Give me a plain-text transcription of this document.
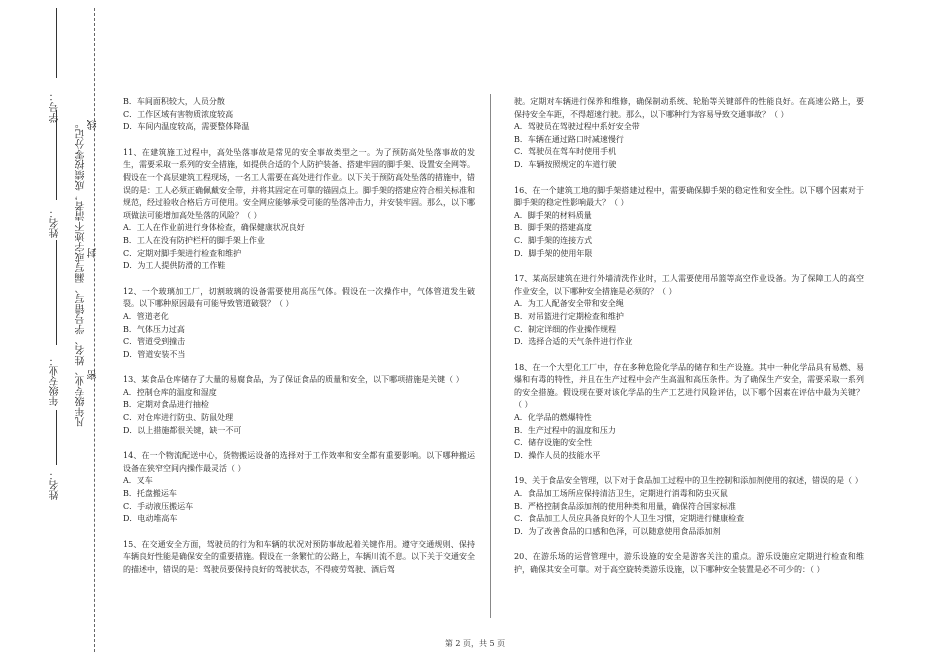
学号：
姓名：
年级专业：
姓名：
凡年级专业、姓名、学号错写、漏写或字迹不清者，成绩按零分记。 线
封
密
B．车间面积较大，人员分散
C．工作区域有害物质浓度较高
D．车间内温度较高，需要整体降温

11、在建筑施工过程中，高处坠落事故是常见的安全事故类型之一。为了预防高处坠落事故的发生，需要采取一系列的安全措施，如提供合适的个人防护装备、搭建牢固的脚手架、设置安全网等。假设在一个高层建筑工程现场，一名工人需要在高处进行作业。以下关于预防高处坠落的措施中，错误的是：工人必须正确佩戴安全带，并将其固定在可靠的锚固点上。脚手架的搭建应符合相关标准和规范，经过验收合格后方可使用。安全网应能够承受可能的坠落冲击力，并安装牢固。那么，以下哪项做法可能增加高处坠落的风险？（ ）

A．工人在作业前进行身体检查，确保健康状况良好
B．工人在没有防护栏杆的脚手架上作业
C．定期对脚手架进行检查和维护
D．为工人提供防滑的工作鞋

12、一个玻璃加工厂，切割玻璃的设备需要使用高压气体。假设在一次操作中，气体管道发生破裂。以下哪种原因最有可能导致管道破裂？（ ）

A．管道老化
B．气体压力过高
C．管道受到撞击
D．管道安装不当

13、某食品仓库储存了大量的易腐食品，为了保证食品的质量和安全，以下哪项措施是关键（ ）

A．控制仓库的温度和湿度
B．定期对食品进行抽检
C．对仓库进行防虫、防鼠处理
D．以上措施都很关键，缺一不可

14、在一个物流配送中心，货物搬运设备的选择对于工作效率和安全都有重要影响。以下哪种搬运设备在狭窄空间内操作最灵活（ ）

A．叉车
B．托盘搬运车
C．手动液压搬运车
D．电动堆高车

15、在交通安全方面，驾驶员的行为和车辆的状况对预防事故起着关键作用。遵守交通规则、保持车辆良好性能是确保安全的重要措施。假设在一条繁忙的公路上，车辆川流不息。以下关于交通安全的描述中，错误的是：驾驶员要保持良好的驾驶状态，不得疲劳驾驶、酒后驾

驶。定期对车辆进行保养和维修，确保制动系统、轮胎等关键部件的性能良好。在高速公路上，要保持安全车距，不得超速行驶。那么，以下哪种行为容易导致交通事故？（ ）

A．驾驶员在驾驶过程中系好安全带
B．车辆在通过路口时减速慢行
C．驾驶员在驾车时使用手机
D．车辆按照规定的车道行驶

16、在一个建筑工地的脚手架搭建过程中，需要确保脚手架的稳定性和安全性。以下哪个因素对于脚手架的稳定性影响最大？（ ）

A．脚手架的材料质量
B．脚手架的搭建高度
C．脚手架的连接方式
D．脚手架的使用年限

17、某高层建筑在进行外墙清洗作业时，工人需要使用吊篮等高空作业设备。为了保障工人的高空作业安全，以下哪种安全措施是必须的？（ ）

A．为工人配备安全带和安全绳
B．对吊篮进行定期检查和维护
C．制定详细的作业操作规程
D．选择合适的天气条件进行作业

18、在一个大型化工厂中，存在多种危险化学品的储存和生产设施。其中一种化学品具有易燃、易爆和有毒的特性，并且在生产过程中会产生高温和高压条件。为了确保生产安全，需要采取一系列的安全措施。假设现在要对该化学品的生产工艺进行风险评估，以下哪个因素在评估中最为关键？（ ）

A．化学品的燃爆特性
B．生产过程中的温度和压力
C．储存设施的安全性
D．操作人员的技能水平

19、关于食品安全管理，以下对于食品加工过程中的卫生控制和添加剂使用的叙述，错误的是（ ）

A．食品加工场所应保持清洁卫生，定期进行消毒和防虫灭鼠
B．严格控制食品添加剂的使用种类和用量，确保符合国家标准
C．食品加工人员应具备良好的个人卫生习惯，定期进行健康检查
D．为了改善食品的口感和色泽，可以随意使用食品添加剂

20、在游乐场的运营管理中，游乐设施的安全是游客关注的重点。游乐设施应定期进行检查和维护，确保其安全可靠。对于高空旋转类游乐设施，以下哪种安全装置是必不可少的：（ ）

第 2 页，共 5 页
